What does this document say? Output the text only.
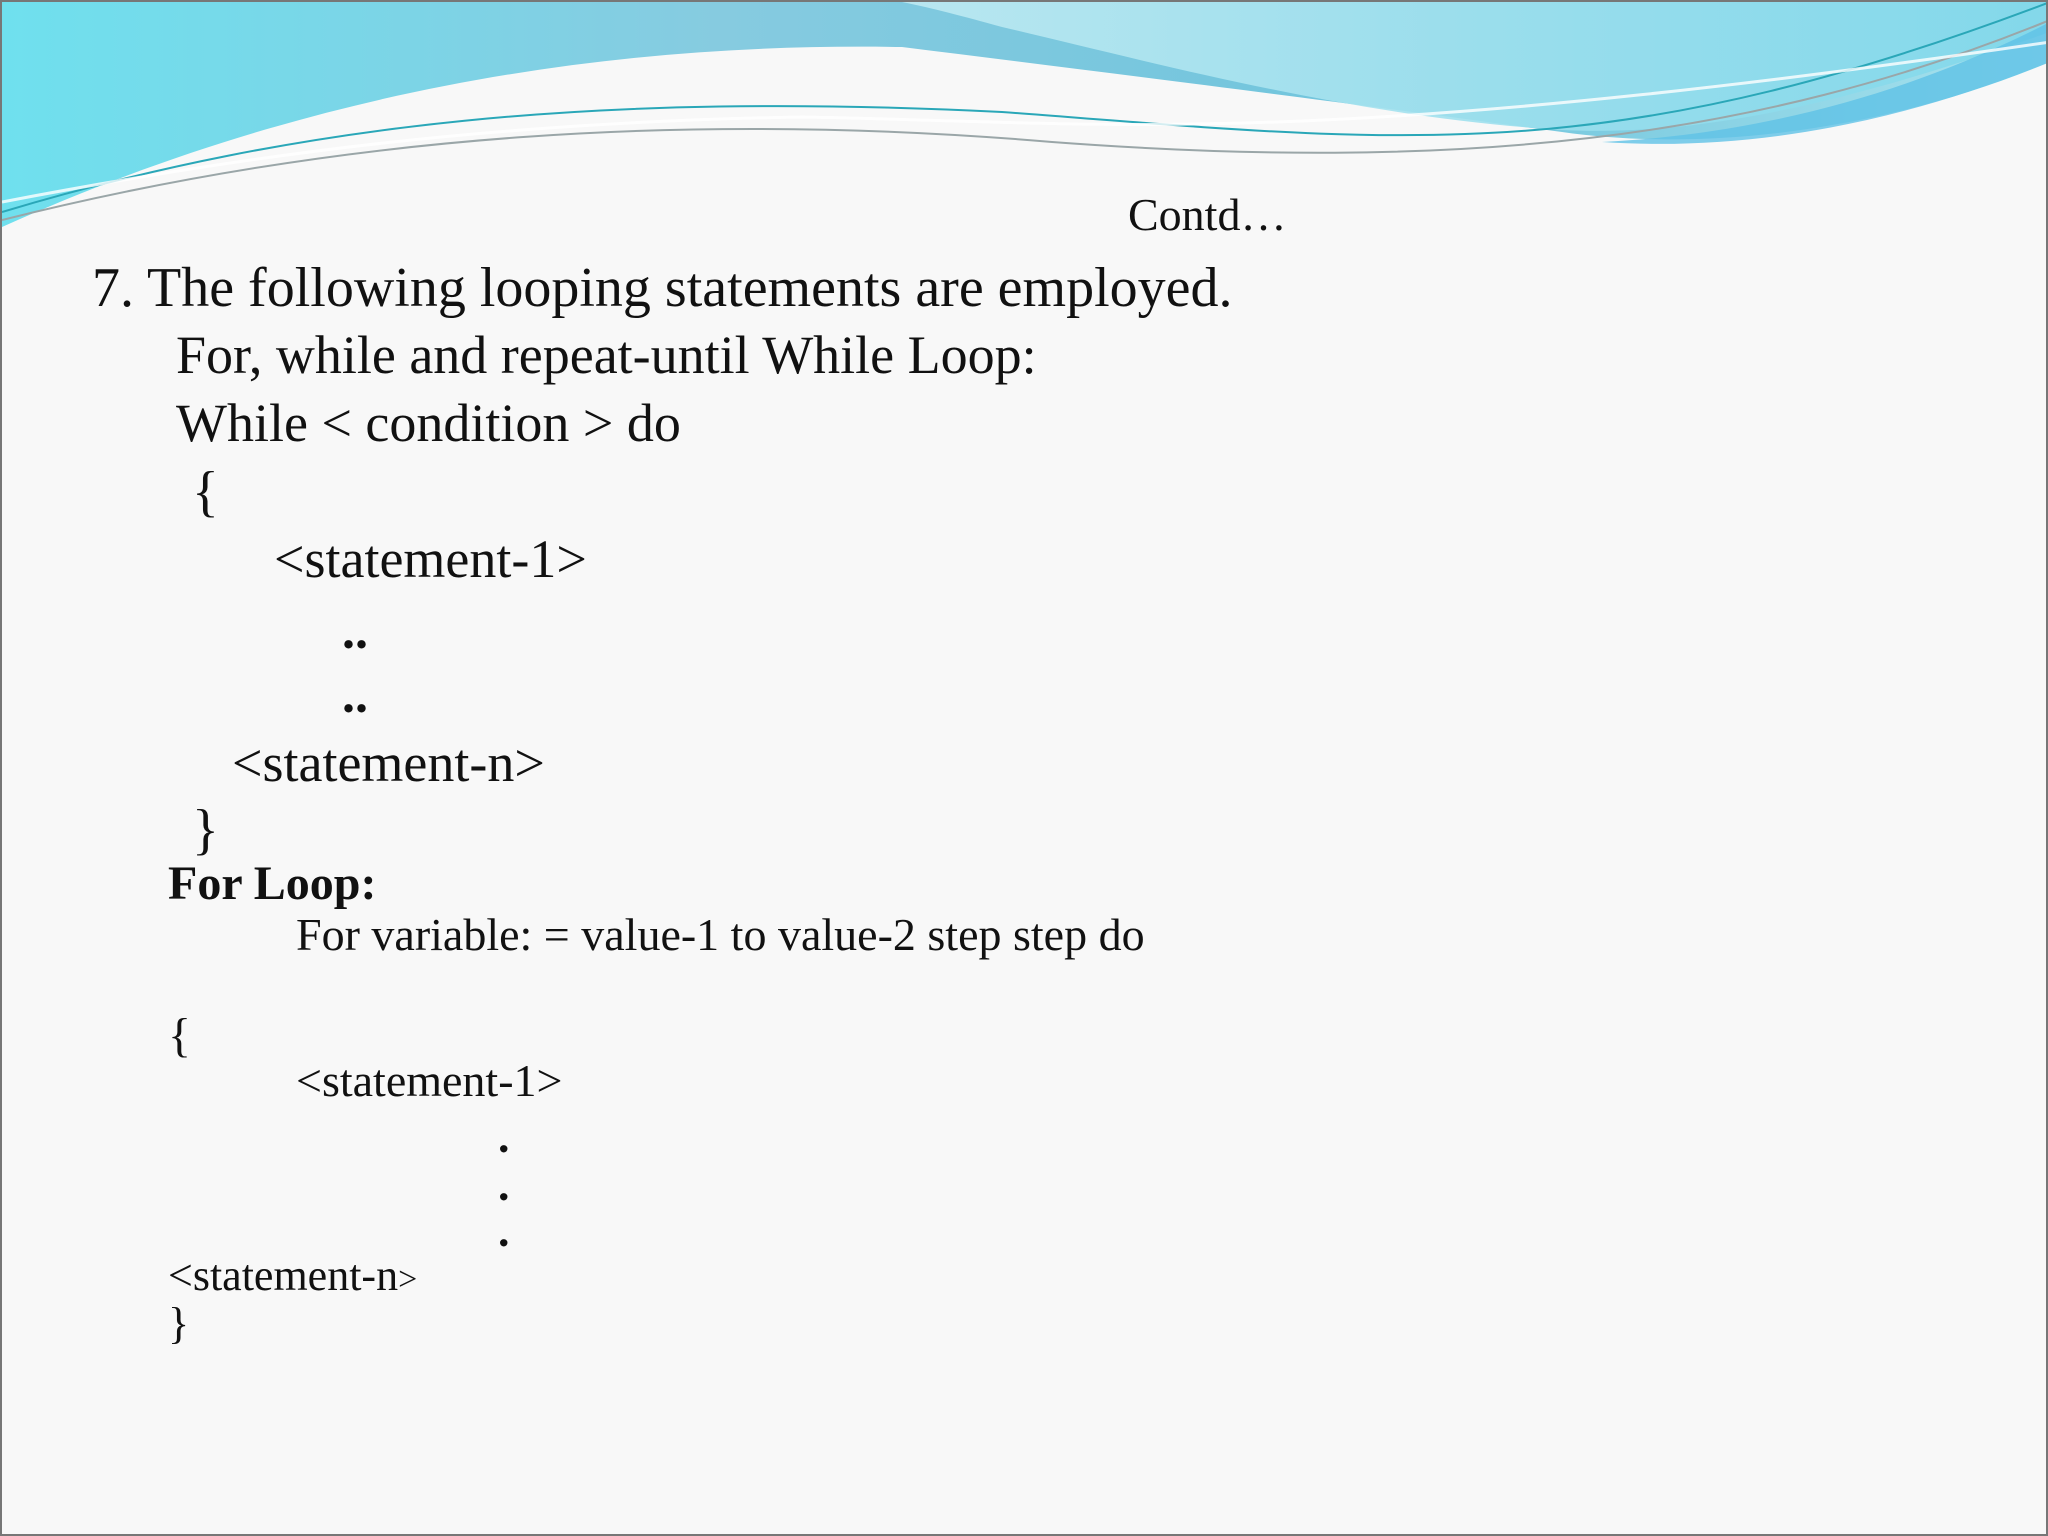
Contd…
7. The following looping statements are employed.
For, while and repeat-until While Loop:
While < condition > do
{
<statement-1>
..
..
<statement-n>
}
For Loop:
For variable: = value-1 to value-2 step step do
{
<statement-1>
.
.
.
<statement-n>
}
